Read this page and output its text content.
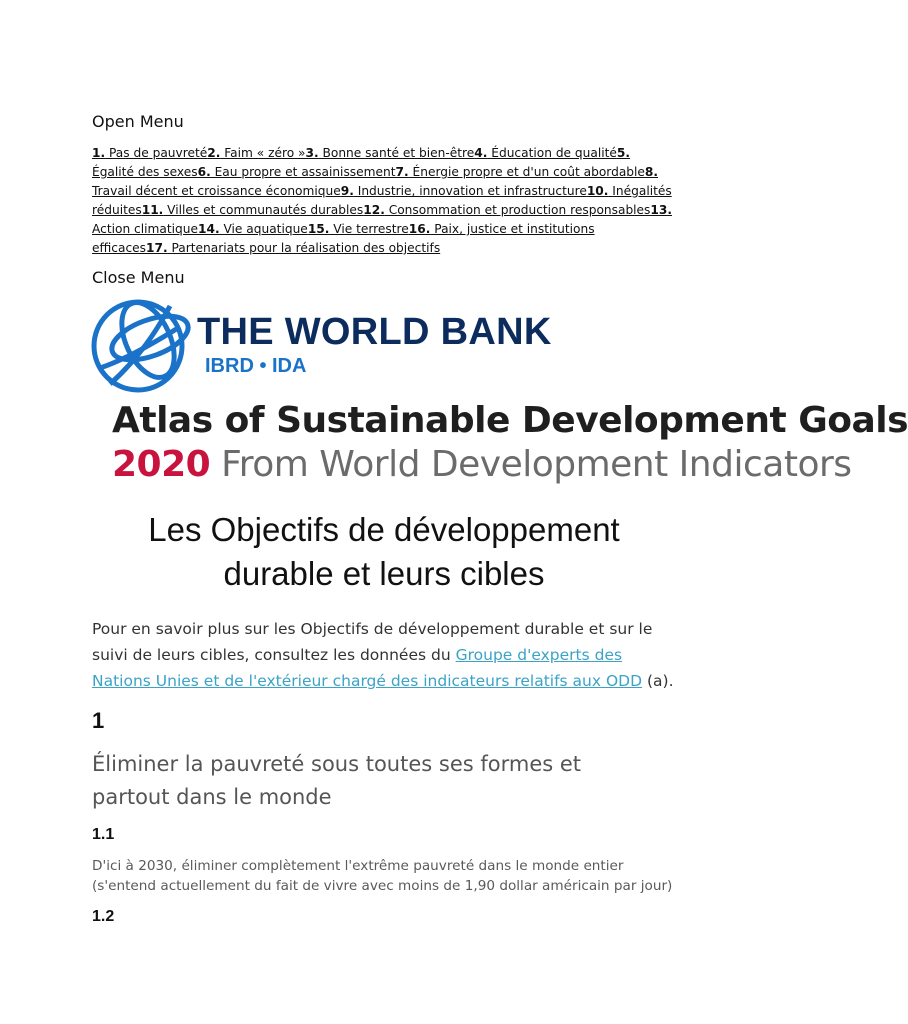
Open Menu
1. Pas de pauvreté2. Faim « zéro »3. Bonne santé et bien-être4. Éducation de qualité5. Égalité des sexes6. Eau propre et assainissement7. Énergie propre et d'un coût abordable8. Travail décent et croissance économique9. Industrie, innovation et infrastructure10. Inégalités réduites11. Villes et communautés durables12. Consommation et production responsables13. Action climatique14. Vie aquatique15. Vie terrestre16. Paix, justice et institutions efficaces17. Partenariats pour la réalisation des objectifs
Close Menu
THE WORLD BANK
IBRD • IDA
Atlas of Sustainable Development Goals
2020 From World Development Indicators
Les Objectifs de développement
durable et leurs cibles

Pour en savoir plus sur les Objectifs de développement durable et sur le suivi de leurs cibles, consultez les données du Groupe d'experts des Nations Unies et de l'extérieur chargé des indicateurs relatifs aux ODD (a).

1
Éliminer la pauvreté sous toutes ses formes et partout dans le monde
1.1
D'ici à 2030, éliminer complètement l'extrême pauvreté dans le monde entier (s'entend actuellement du fait de vivre avec moins de 1,90 dollar américain par jour)
1.2
